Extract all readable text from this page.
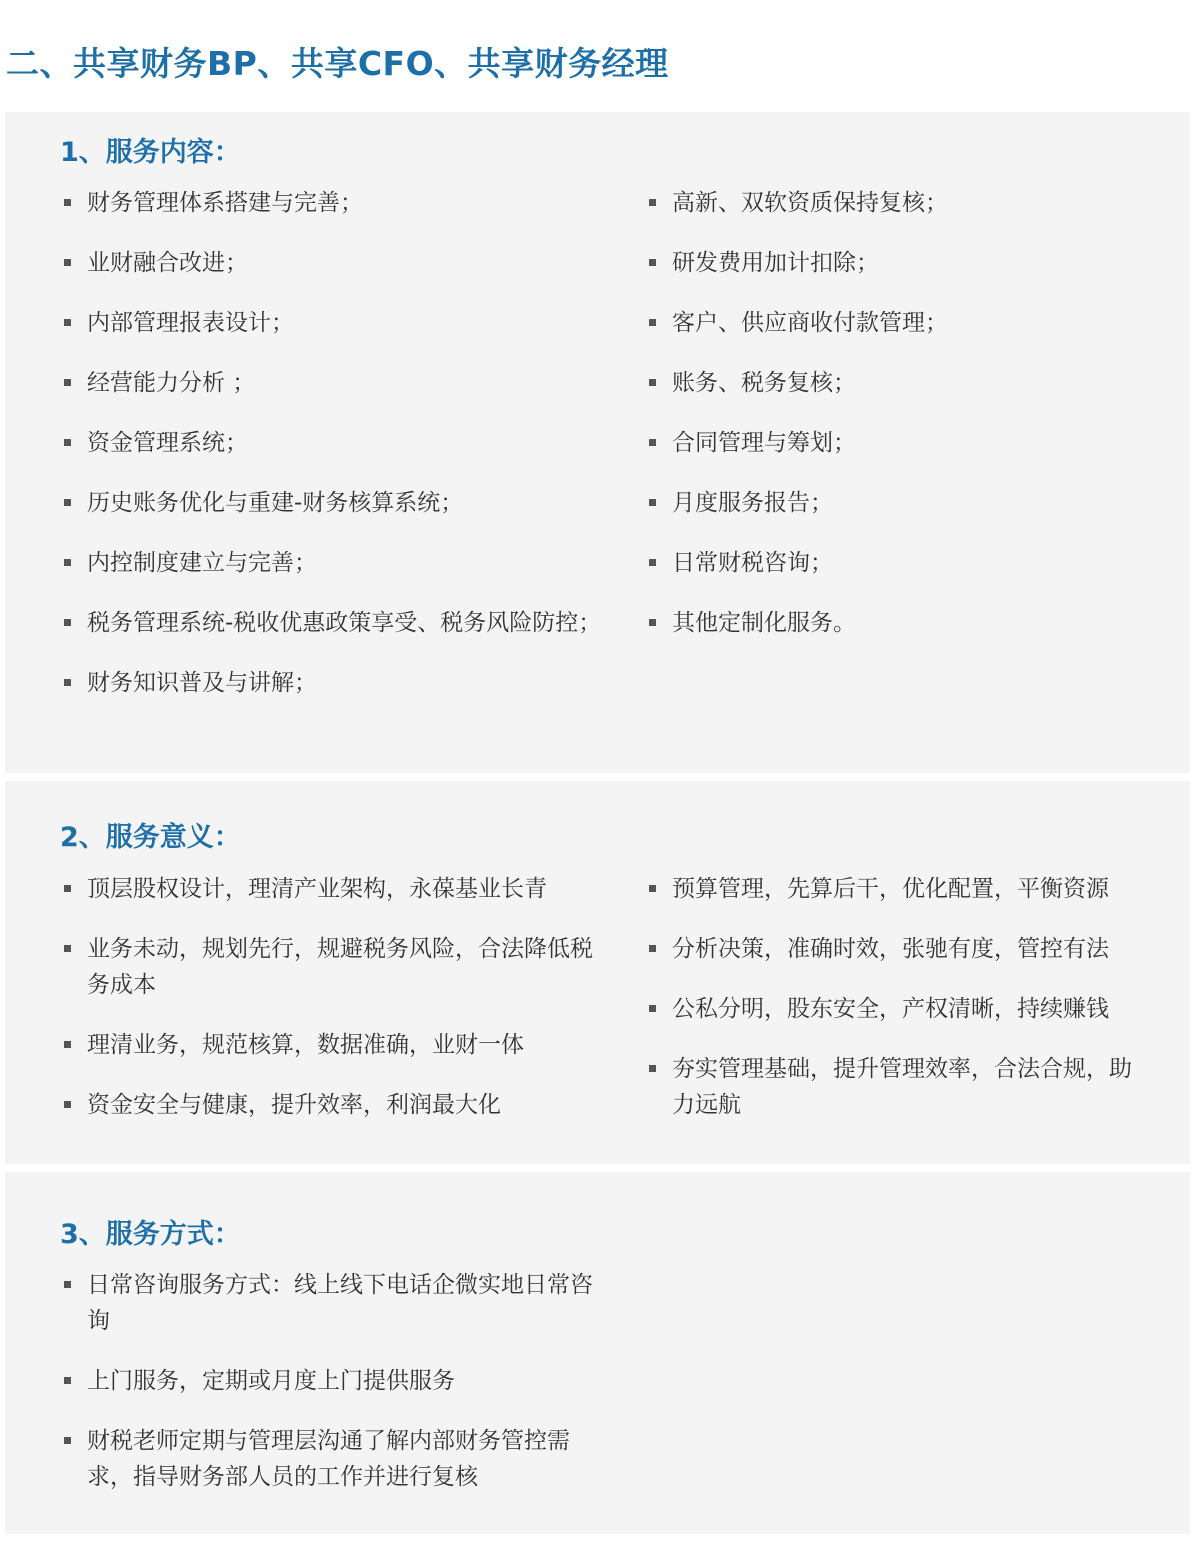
二、共享财务BP、共享CFO、共享财务经理
1、服务内容：
财务管理体系搭建与完善；
业财融合改进；
内部管理报表设计；
经营能力分析 ；
资金管理系统；
历史账务优化与重建-财务核算系统；
内控制度建立与完善；
税务管理系统-税收优惠政策享受、税务风险防控；
财务知识普及与讲解；
高新、双软资质保持复核；
研发费用加计扣除；
客户、供应商收付款管理；
账务、税务复核；
合同管理与筹划；
月度服务报告；
日常财税咨询；
其他定制化服务。
2、服务意义：
顶层股权设计，理清产业架构，永葆基业长青
业务未动，规划先行，规避税务风险，合法降低税务成本
理清业务，规范核算，数据准确，业财一体
资金安全与健康，提升效率，利润最大化
预算管理，先算后干，优化配置，平衡资源
分析决策，准确时效，张驰有度，管控有法
公私分明，股东安全，产权清晰，持续赚钱
夯实管理基础，提升管理效率，合法合规，助力远航
3、服务方式：
日常咨询服务方式：线上线下电话企微实地日常咨询
上门服务，定期或月度上门提供服务
财税老师定期与管理层沟通了解内部财务管控需求，指导财务部人员的工作并进行复核
